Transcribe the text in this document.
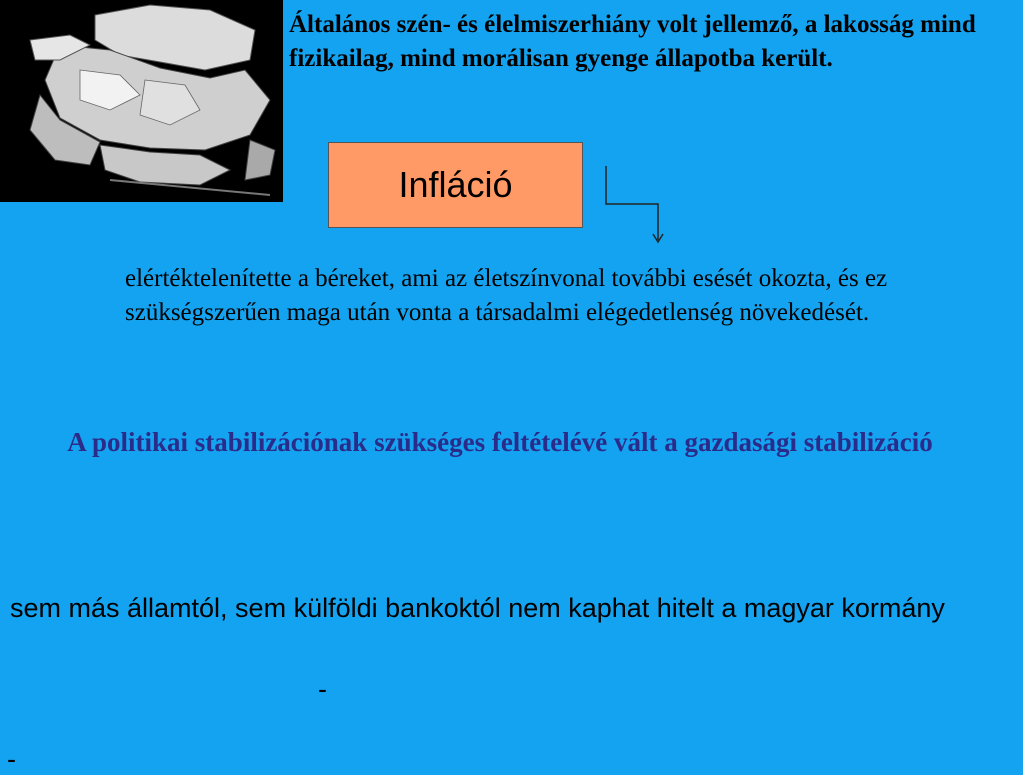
Általános szén- és élelmiszerhiány volt jellemző, a lakosság mind fizikailag, mind morálisan gyenge állapotba került.

Infláció

elértéktelenítette a béreket, ami az életszínvonal további esését okozta, és ez szükségszerűen maga után vonta a társadalmi elégedetlenség növekedését.

A politikai stabilizációnak szükséges feltételévé vált a gazdasági stabilizáció

sem más államtól, sem külföldi bankoktól nem kaphat hitelt a magyar kormány

-
-
